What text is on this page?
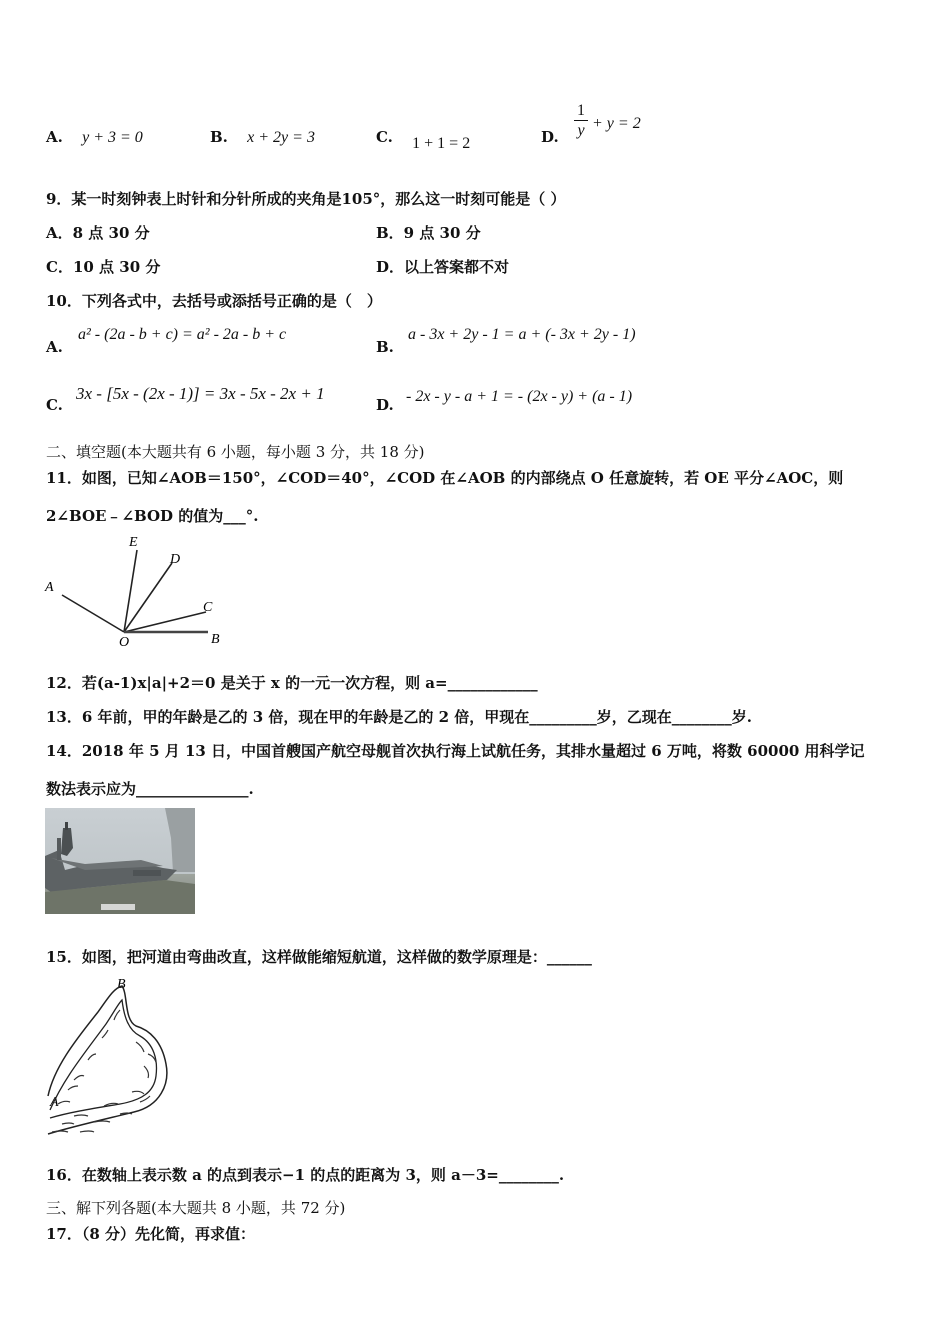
A. y + 3 = 0	B. x + 2y = 3	C. 1 + 1 = 2	D.
1
y + y = 2
9．某一时刻钟表上时针和分针所成的夹角是105°，那么这一时刻可能是（ ）
A．8 点 30 分	B．9 点 30 分
C．10 点 30 分	D．以上答案都不对
10．下列各式中，去括号或添括号正确的是（　）
A.
a² - (2a - b + c) = a² - 2a - b + c
B.
a - 3x + 2y - 1 = a + (- 3x + 2y - 1)
C.
3x - [5x - (2x - 1)] = 3x - 5x - 2x + 1
D. - 2x - y - a + 1 = - (2x - y) + (a - 1)
二、填空题(本大题共有 6 小题，每小题 3 分，共 18 分)
11．如图，已知∠AOB＝150°，∠COD＝40°，∠COD 在∠AOB 的内部绕点 O 任意旋转，若 OE 平分∠AOC，则
2∠BOE﹣∠BOD 的值为___°.
E
D
A
C
O	B
12．若(a-1)x|a|+2＝0 是关于 x 的一元一次方程，则 a=____________
13．6 年前，甲的年龄是乙的 3 倍，现在甲的年龄是乙的 2 倍，甲现在_________岁，乙现在________岁.
14．2018 年 5 月 13 日，中国首艘国产航空母舰首次执行海上试航任务，其排水量超过 6 万吨，将数 60000 用科学记
数法表示应为_______________.
15．如图，把河道由弯曲改直，这样做能缩短航道，这样做的数学原理是：______
B
A
16．在数轴上表示数 a 的点到表示−1 的点的距离为 3，则 a－3=________.
三、解下列各题(本大题共 8 小题，共 72 分)
17．（8 分）先化简，再求值：
